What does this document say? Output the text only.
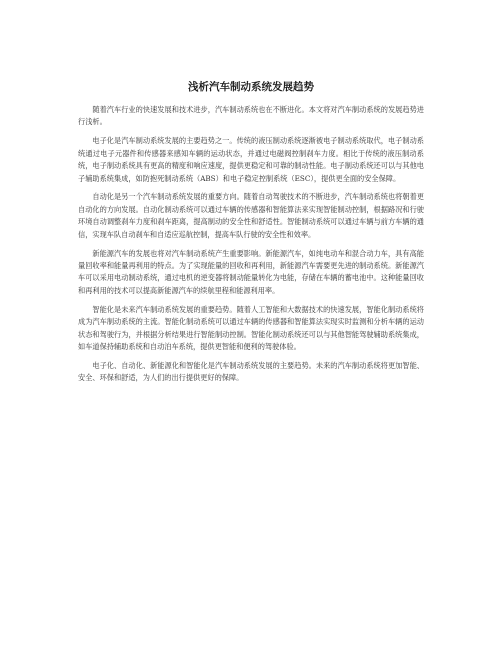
浅析汽车制动系统发展趋势

随着汽车行业的快速发展和技术进步，汽车制动系统也在不断进化。本文将对汽车制动系统的发展趋势进行浅析。

电子化是汽车制动系统发展的主要趋势之一。传统的液压制动系统逐渐被电子制动系统取代，电子制动系统通过电子元器件和传感器来感知车辆的运动状态，并通过电磁阀控制刹车力度。相比于传统的液压制动系统，电子制动系统具有更高的精度和响应速度，提供更稳定和可靠的制动性能。电子制动系统还可以与其他电子辅助系统集成，如防抱死制动系统（ABS）和电子稳定控制系统（ESC），提供更全面的安全保障。

自动化是另一个汽车制动系统发展的重要方向。随着自动驾驶技术的不断进步，汽车制动系统也将朝着更自动化的方向发展。自动化制动系统可以通过车辆的传感器和智能算法来实现智能制动控制，根据路况和行驶环境自动调整刹车力度和刹车距离，提高制动的安全性和舒适性。智能制动系统可以通过车辆与前方车辆的通信，实现车队自动刹车和自适应巡航控制，提高车队行驶的安全性和效率。

新能源汽车的发展也将对汽车制动系统产生重要影响。新能源汽车，如纯电动车和混合动力车，具有高能量回收率和能量再利用的特点。为了实现能量的回收和再利用，新能源汽车需要更先进的制动系统。新能源汽车可以采用电动制动系统，通过电机的逆变器将制动能量转化为电能，存储在车辆的蓄电池中。这种能量回收和再利用的技术可以提高新能源汽车的续航里程和能源利用率。

智能化是未来汽车制动系统发展的重要趋势。随着人工智能和大数据技术的快速发展，智能化制动系统将成为汽车制动系统的主流。智能化制动系统可以通过车辆的传感器和智能算法实现实时监测和分析车辆的运动状态和驾驶行为，并根据分析结果进行智能制动控制。智能化制动系统还可以与其他智能驾驶辅助系统集成，如车道保持辅助系统和自动泊车系统，提供更智能和便利的驾驶体验。

电子化、自动化、新能源化和智能化是汽车制动系统发展的主要趋势。未来的汽车制动系统将更加智能、安全、环保和舒适，为人们的出行提供更好的保障。
